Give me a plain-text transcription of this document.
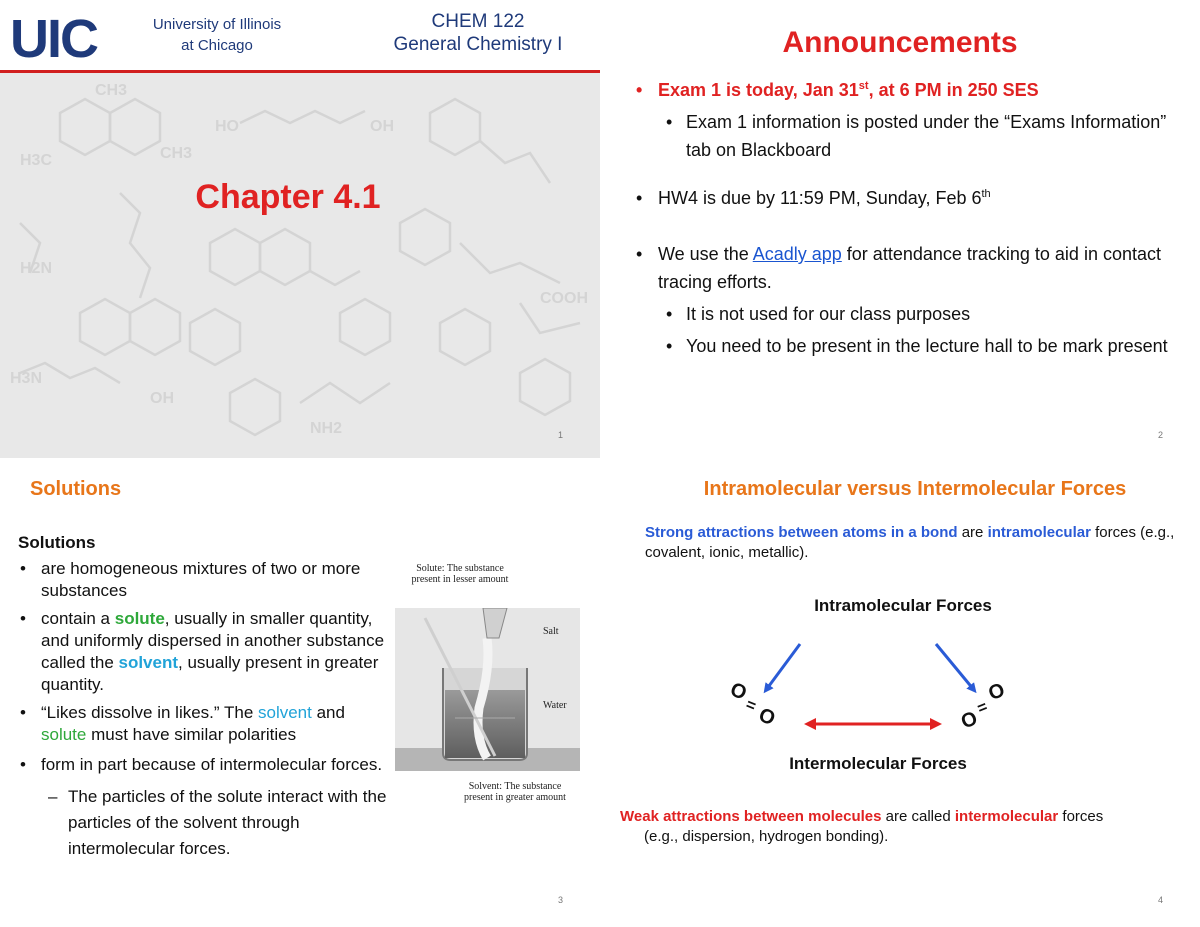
UIC	University of Illinois
at Chicago
CHEM 122
General Chemistry I
H3C	CH3
HO	OH
CH3
H2N
COOH
H3N
OH
NH2
Chapter 4.1
1
Announcements
• Exam 1 is today, Jan 31st, at 6 PM in 250 SES
• Exam 1 information is posted under the “Exams Information” tab on Blackboard
• HW4 is due by 11:59 PM, Sunday, Feb 6th
• We use the Acadly app for attendance tracking to aid in contact tracing efforts.
• It is not used for our class purposes
• You need to be present in the lecture hall to be mark present
2
Solutions
Solutions
• are homogeneous mixtures of two or more substances
• contain a solute, usually in smaller quantity, and uniformly dispersed in another substance called the solvent, usually present in greater quantity.
• “Likes dissolve in likes.” The solvent and solute must have similar polarities
• form in part because of intermolecular forces.
– The particles of the solute interact with the particles of the solvent through intermolecular forces.
Solute: The substance present in lesser amount
Salt
Water
Solvent: The substance present in greater amount
3
Intramolecular versus Intermolecular Forces
Strong attractions between atoms in a bond are intramolecular forces (e.g., covalent, ionic, metallic).
Intramolecular Forces
O
=
O	O
=
O
Intermolecular Forces
Weak attractions between molecules are called intermolecular forces
(e.g., dispersion, hydrogen bonding).
4
